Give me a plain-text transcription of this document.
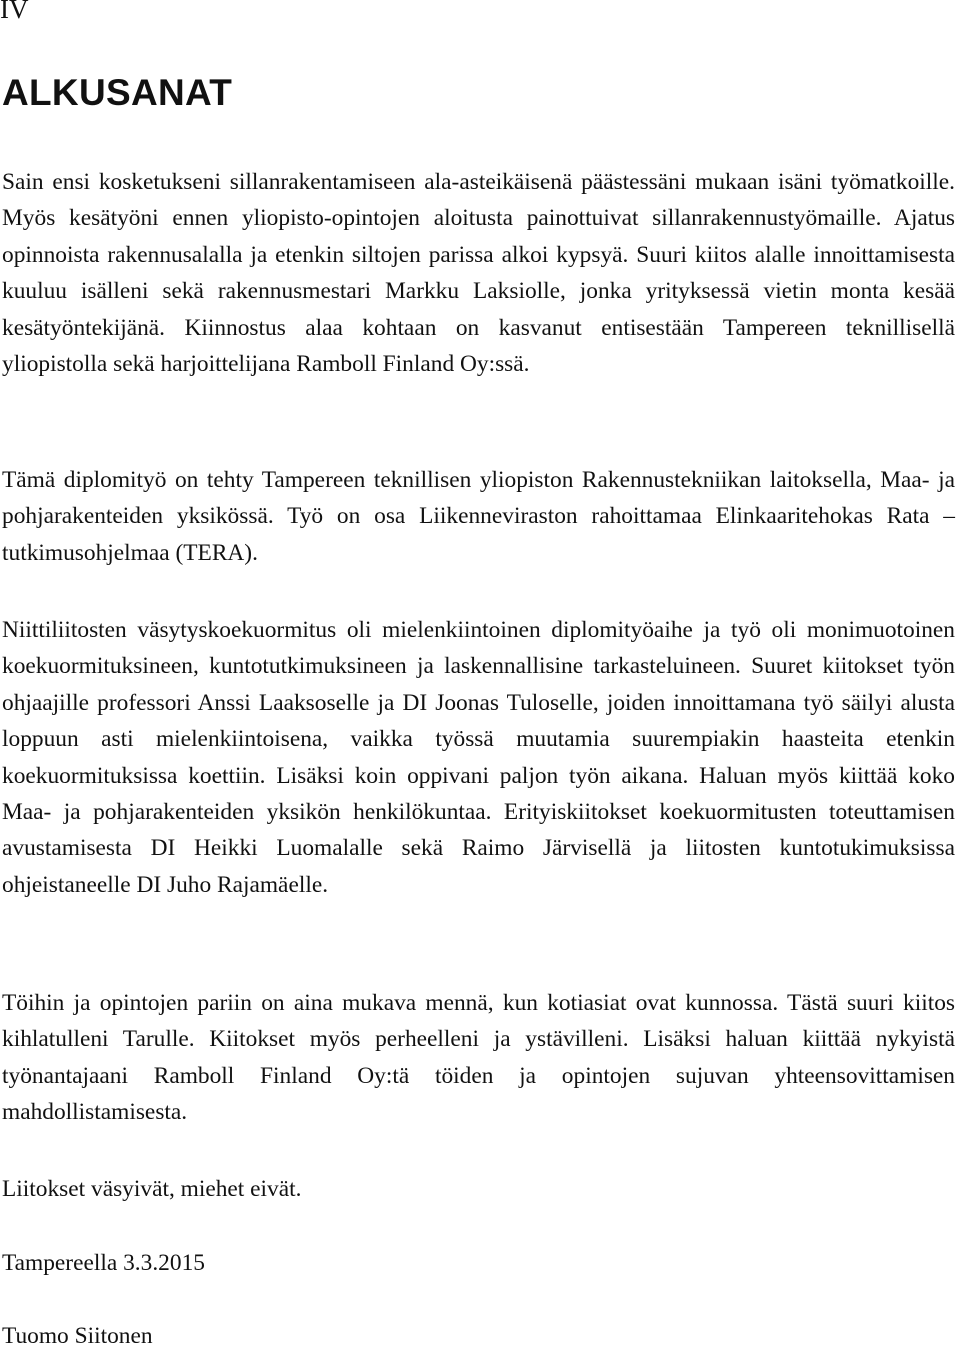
IV
ALKUSANAT

Sain ensi kosketukseni sillanrakentamiseen ala-asteikäisenä päästessäni mukaan isäni työmatkoille. Myös kesätyöni ennen yliopisto-opintojen aloitusta painottuivat sillanrakennustyömaille. Ajatus opinnoista rakennusalalla ja etenkin siltojen parissa alkoi kypsyä. Suuri kiitos alalle innoittamisesta kuuluu isälleni sekä rakennusmestari Markku Laksiolle, jonka yrityksessä vietin monta kesää kesätyöntekijänä. Kiinnostus alaa kohtaan on kasvanut entisestään Tampereen teknillisellä yliopistolla sekä harjoittelijana Ramboll Finland Oy:ssä.

Tämä diplomityö on tehty Tampereen teknillisen yliopiston Rakennustekniikan laitoksella, Maa- ja pohjarakenteiden yksikössä. Työ on osa Liikenneviraston rahoittamaa Elinkaaritehokas Rata – tutkimusohjelmaa (TERA).

Niittiliitosten väsytyskoekuormitus oli mielenkiintoinen diplomityöaihe ja työ oli monimuotoinen koekuormituksineen, kuntotutkimuksineen ja laskennallisine tarkasteluineen. Suuret kiitokset työn ohjaajille professori Anssi Laaksoselle ja DI Joonas Tuloselle, joiden innoittamana työ säilyi alusta loppuun asti mielenkiintoisena, vaikka työssä muutamia suurempiakin haasteita etenkin koekuormituksissa koettiin. Lisäksi koin oppivani paljon työn aikana. Haluan myös kiittää koko Maa- ja pohjarakenteiden yksikön henkilökuntaa. Erityiskiitokset koekuormitusten toteuttamisen avustamisesta DI Heikki Luomalalle sekä Raimo Järvisellä ja liitosten kuntotukimuksissa ohjeistaneelle DI Juho Rajamäelle.

Töihin ja opintojen pariin on aina mukava mennä, kun kotiasiat ovat kunnossa. Tästä suuri kiitos kihlatulleni Tarulle. Kiitokset myös perheelleni ja ystävilleni. Lisäksi haluan kiittää nykyistä työnantajaani Ramboll Finland Oy:tä töiden ja opintojen sujuvan yhteensovittamisen mahdollistamisesta.

Liitokset väsyivät, miehet eivät.

Tampereella 3.3.2015

Tuomo Siitonen
